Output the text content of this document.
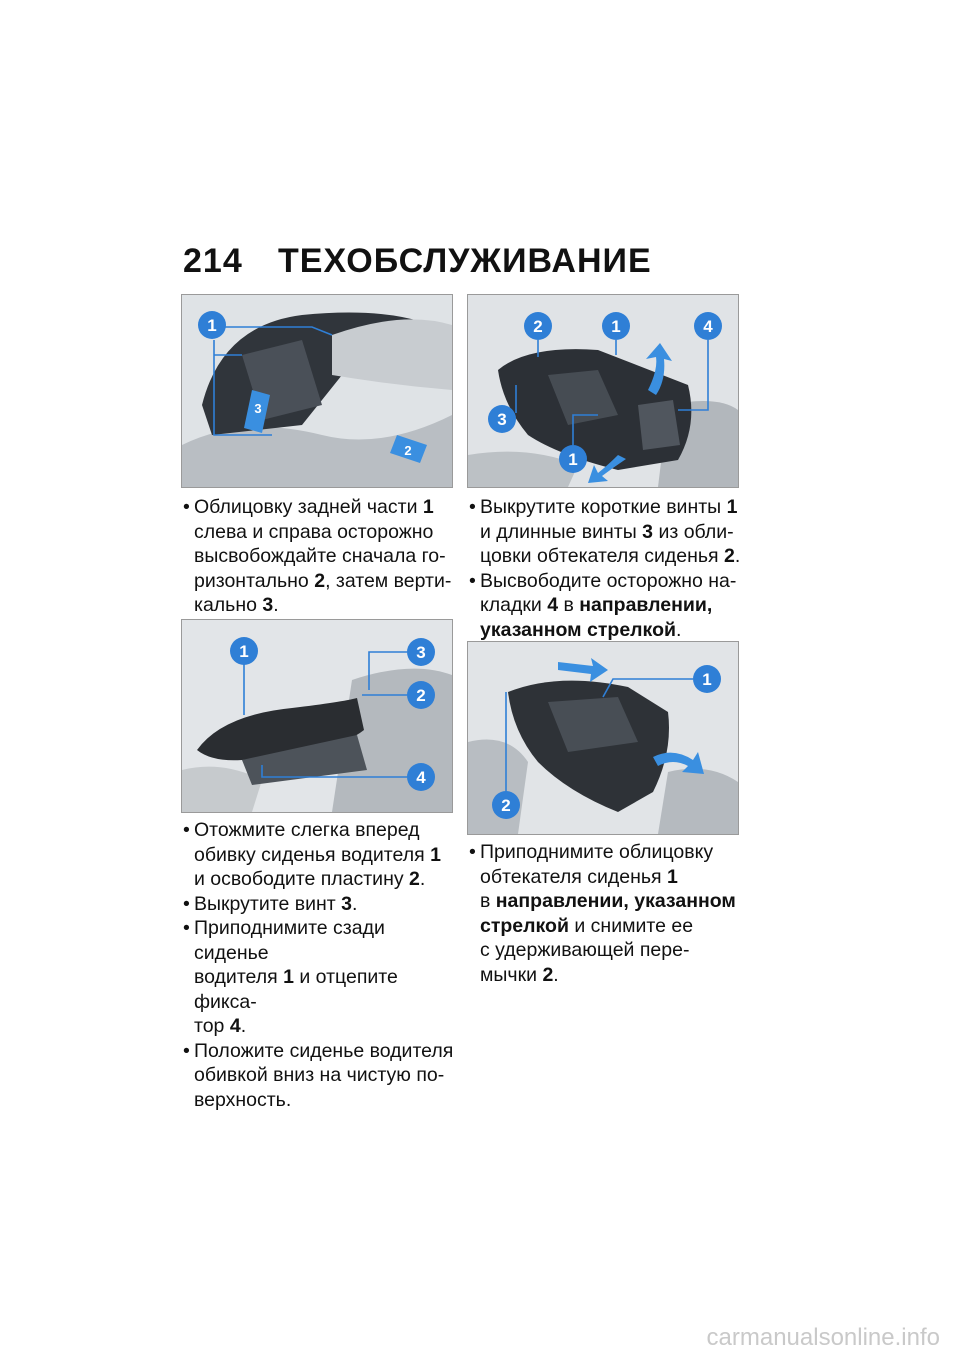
214 ТЕХОБСЛУЖИВАНИЕ
1
3
2
1
2
3
4
1
2
3
4
1
1
2
• Облицовку задней части 1
слева и справа осторожно
высвобождайте сначала го-
ризонтально 2, затем верти-
кально 3.
• Отожмите слегка вперед
обивку сиденья водителя 1
и освободите пластину 2.
• Выкрутите винт 3.
• Приподнимите сзади сиденье
водителя 1 и отцепите фикса-
тор 4.
• Положите сиденье водителя
обивкой вниз на чистую по-
верхность.
• Выкрутите короткие винты 1
и длинные винты 3 из обли-
цовки обтекателя сиденья 2.
• Высвободите осторожно на-
кладки 4 в направлении,
указанном стрелкой.
• Приподнимите облицовку
обтекателя сиденья 1
в направлении, указанном
стрелкой и снимите ее
с удерживающей пере-
мычки 2.
carmanualsonline.info
